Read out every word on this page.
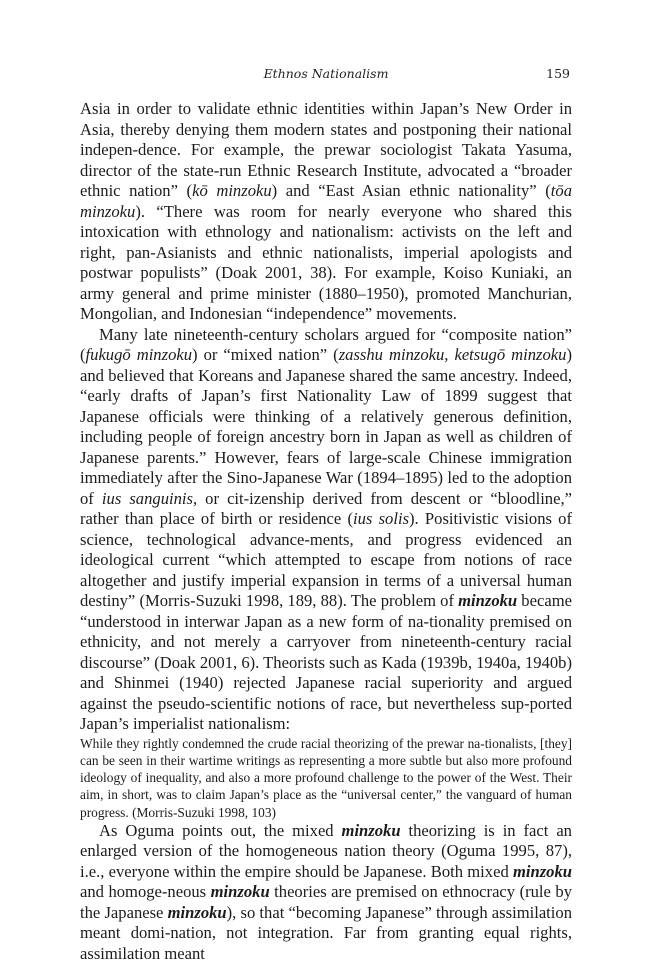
Ethnos Nationalism	159

Asia in order to validate ethnic identities within Japan’s New Order in Asia, thereby denying them modern states and postponing their national indepen-dence. For example, the prewar sociologist Takata Yasuma, director of the state-run Ethnic Research Institute, advocated a “broader ethnic nation” (kō minzoku) and “East Asian ethnic nationality” (tōa minzoku). “There was room for nearly everyone who shared this intoxication with ethnology and nationalism: activists on the left and right, pan-Asianists and ethnic nationalists, imperial apologists and postwar populists” (Doak 2001, 38). For example, Koiso Kuniaki, an army general and prime minister (1880–1950), promoted Manchurian, Mongolian, and Indonesian “independence” movements.

Many late nineteenth-century scholars argued for “composite nation” (fukugō minzoku) or “mixed nation” (zasshu minzoku, ketsugō minzoku) and believed that Koreans and Japanese shared the same ancestry. Indeed, “early drafts of Japan’s first Nationality Law of 1899 suggest that Japanese officials were thinking of a relatively generous definition, including people of foreign ancestry born in Japan as well as children of Japanese parents.” However, fears of large-scale Chinese immigration immediately after the Sino-Japanese War (1894–1895) led to the adoption of ius sanguinis, or cit-izenship derived from descent or “bloodline,” rather than place of birth or residence (ius solis). Positivistic visions of science, technological advance-ments, and progress evidenced an ideological current “which attempted to escape from notions of race altogether and justify imperial expansion in terms of a universal human destiny” (Morris-Suzuki 1998, 189, 88). The problem of minzoku became “understood in interwar Japan as a new form of na-tionality premised on ethnicity, and not merely a carryover from nineteenth-century racial discourse” (Doak 2001, 6). Theorists such as Kada (1939b, 1940a, 1940b) and Shinmei (1940) rejected Japanese racial superiority and argued against the pseudo-scientific notions of race, but nevertheless sup-ported Japan’s imperialist nationalism:

While they rightly condemned the crude racial theorizing of the prewar na-tionalists, [they] can be seen in their wartime writings as representing a more subtle but also more profound ideology of inequality, and also a more profound challenge to the power of the West. Their aim, in short, was to claim Japan’s place as the “universal center,” the vanguard of human progress. (Morris-Suzuki 1998, 103)

As Oguma points out, the mixed minzoku theorizing is in fact an enlarged version of the homogeneous nation theory (Oguma 1995, 87), i.e., everyone within the empire should be Japanese. Both mixed minzoku and homoge-neous minzoku theories are premised on ethnocracy (rule by the Japanese minzoku), so that “becoming Japanese” through assimilation meant domi-nation, not integration. Far from granting equal rights, assimilation meant
